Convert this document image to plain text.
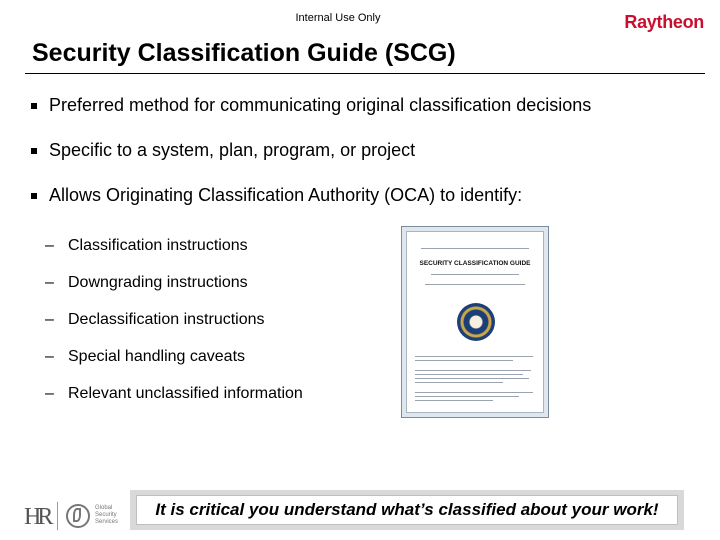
Internal Use Only	Raytheon
Security Classification Guide (SCG)
Preferred method for communicating original classification decisions
Specific to a system, plan, program, or project
Allows Originating Classification Authority (OCA) to identify:
– Classification instructions
– Downgrading instructions
– Declassification instructions
– Special handling caveats
– Relevant unclassified information
SECURITY CLASSIFICATION GUIDE
HR	Global
Security
Services
It is critical you understand what’s classified about your work!
